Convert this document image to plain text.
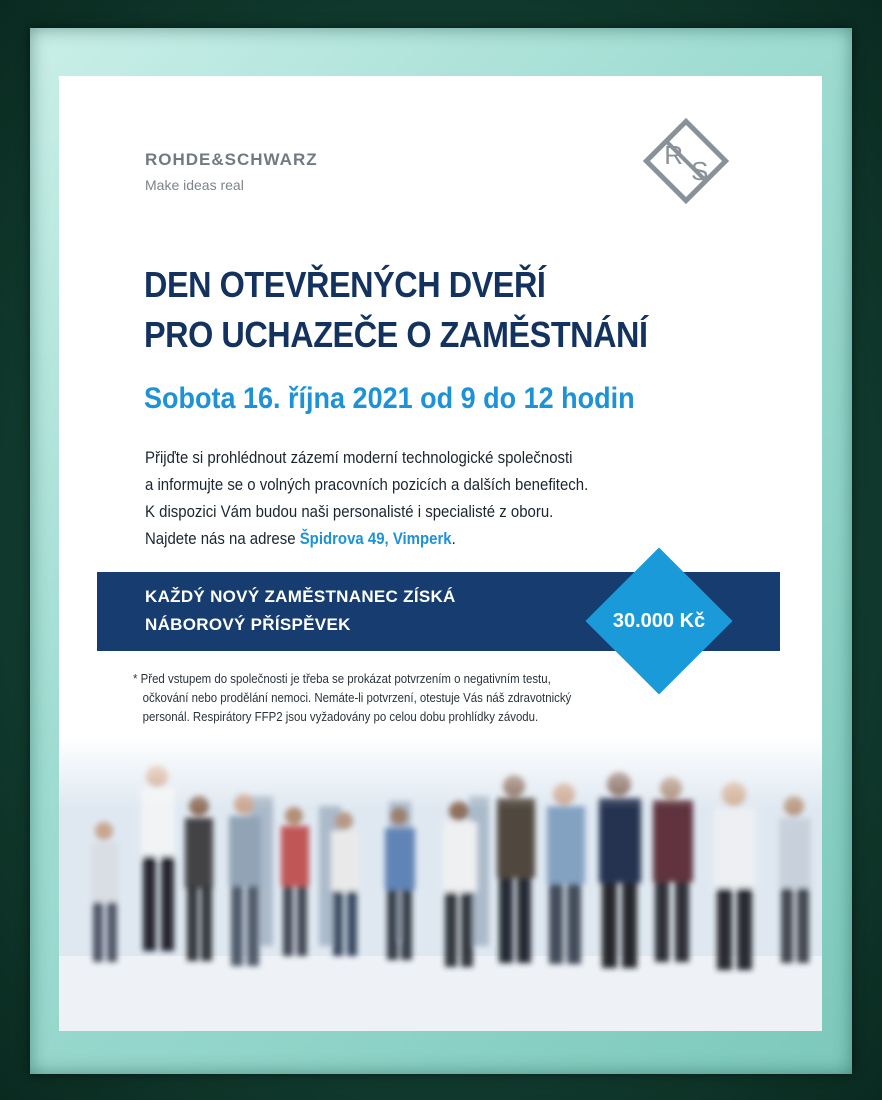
ROHDE&SCHWARZ
Make ideas real
R
S
DEN OTEVŘENÝCH DVEŘÍ
PRO UCHAZEČE O ZAMĚSTNÁNÍ
Sobota 16. října 2021 od 9 do 12 hodin
Přijďte si prohlédnout zázemí moderní technologické společnosti
a informujte se o volných pracovních pozicích a dalších benefitech.
K dispozici Vám budou naši personalisté i specialisté z oboru.
Najdete nás na adrese Špidrova 49, Vimperk.
KAŽDÝ NOVÝ ZAMĚSTNANEC ZÍSKÁ
NÁBOROVÝ PŘÍSPĚVEK	30.000 Kč
* Před vstupem do společnosti je třeba se prokázat potvrzením o negativním testu,
očkování nebo prodělání nemoci. Nemáte-li potvrzení, otestuje Vás náš zdravotnický
personál. Respirátory FFP2 jsou vyžadovány po celou dobu prohlídky závodu.
